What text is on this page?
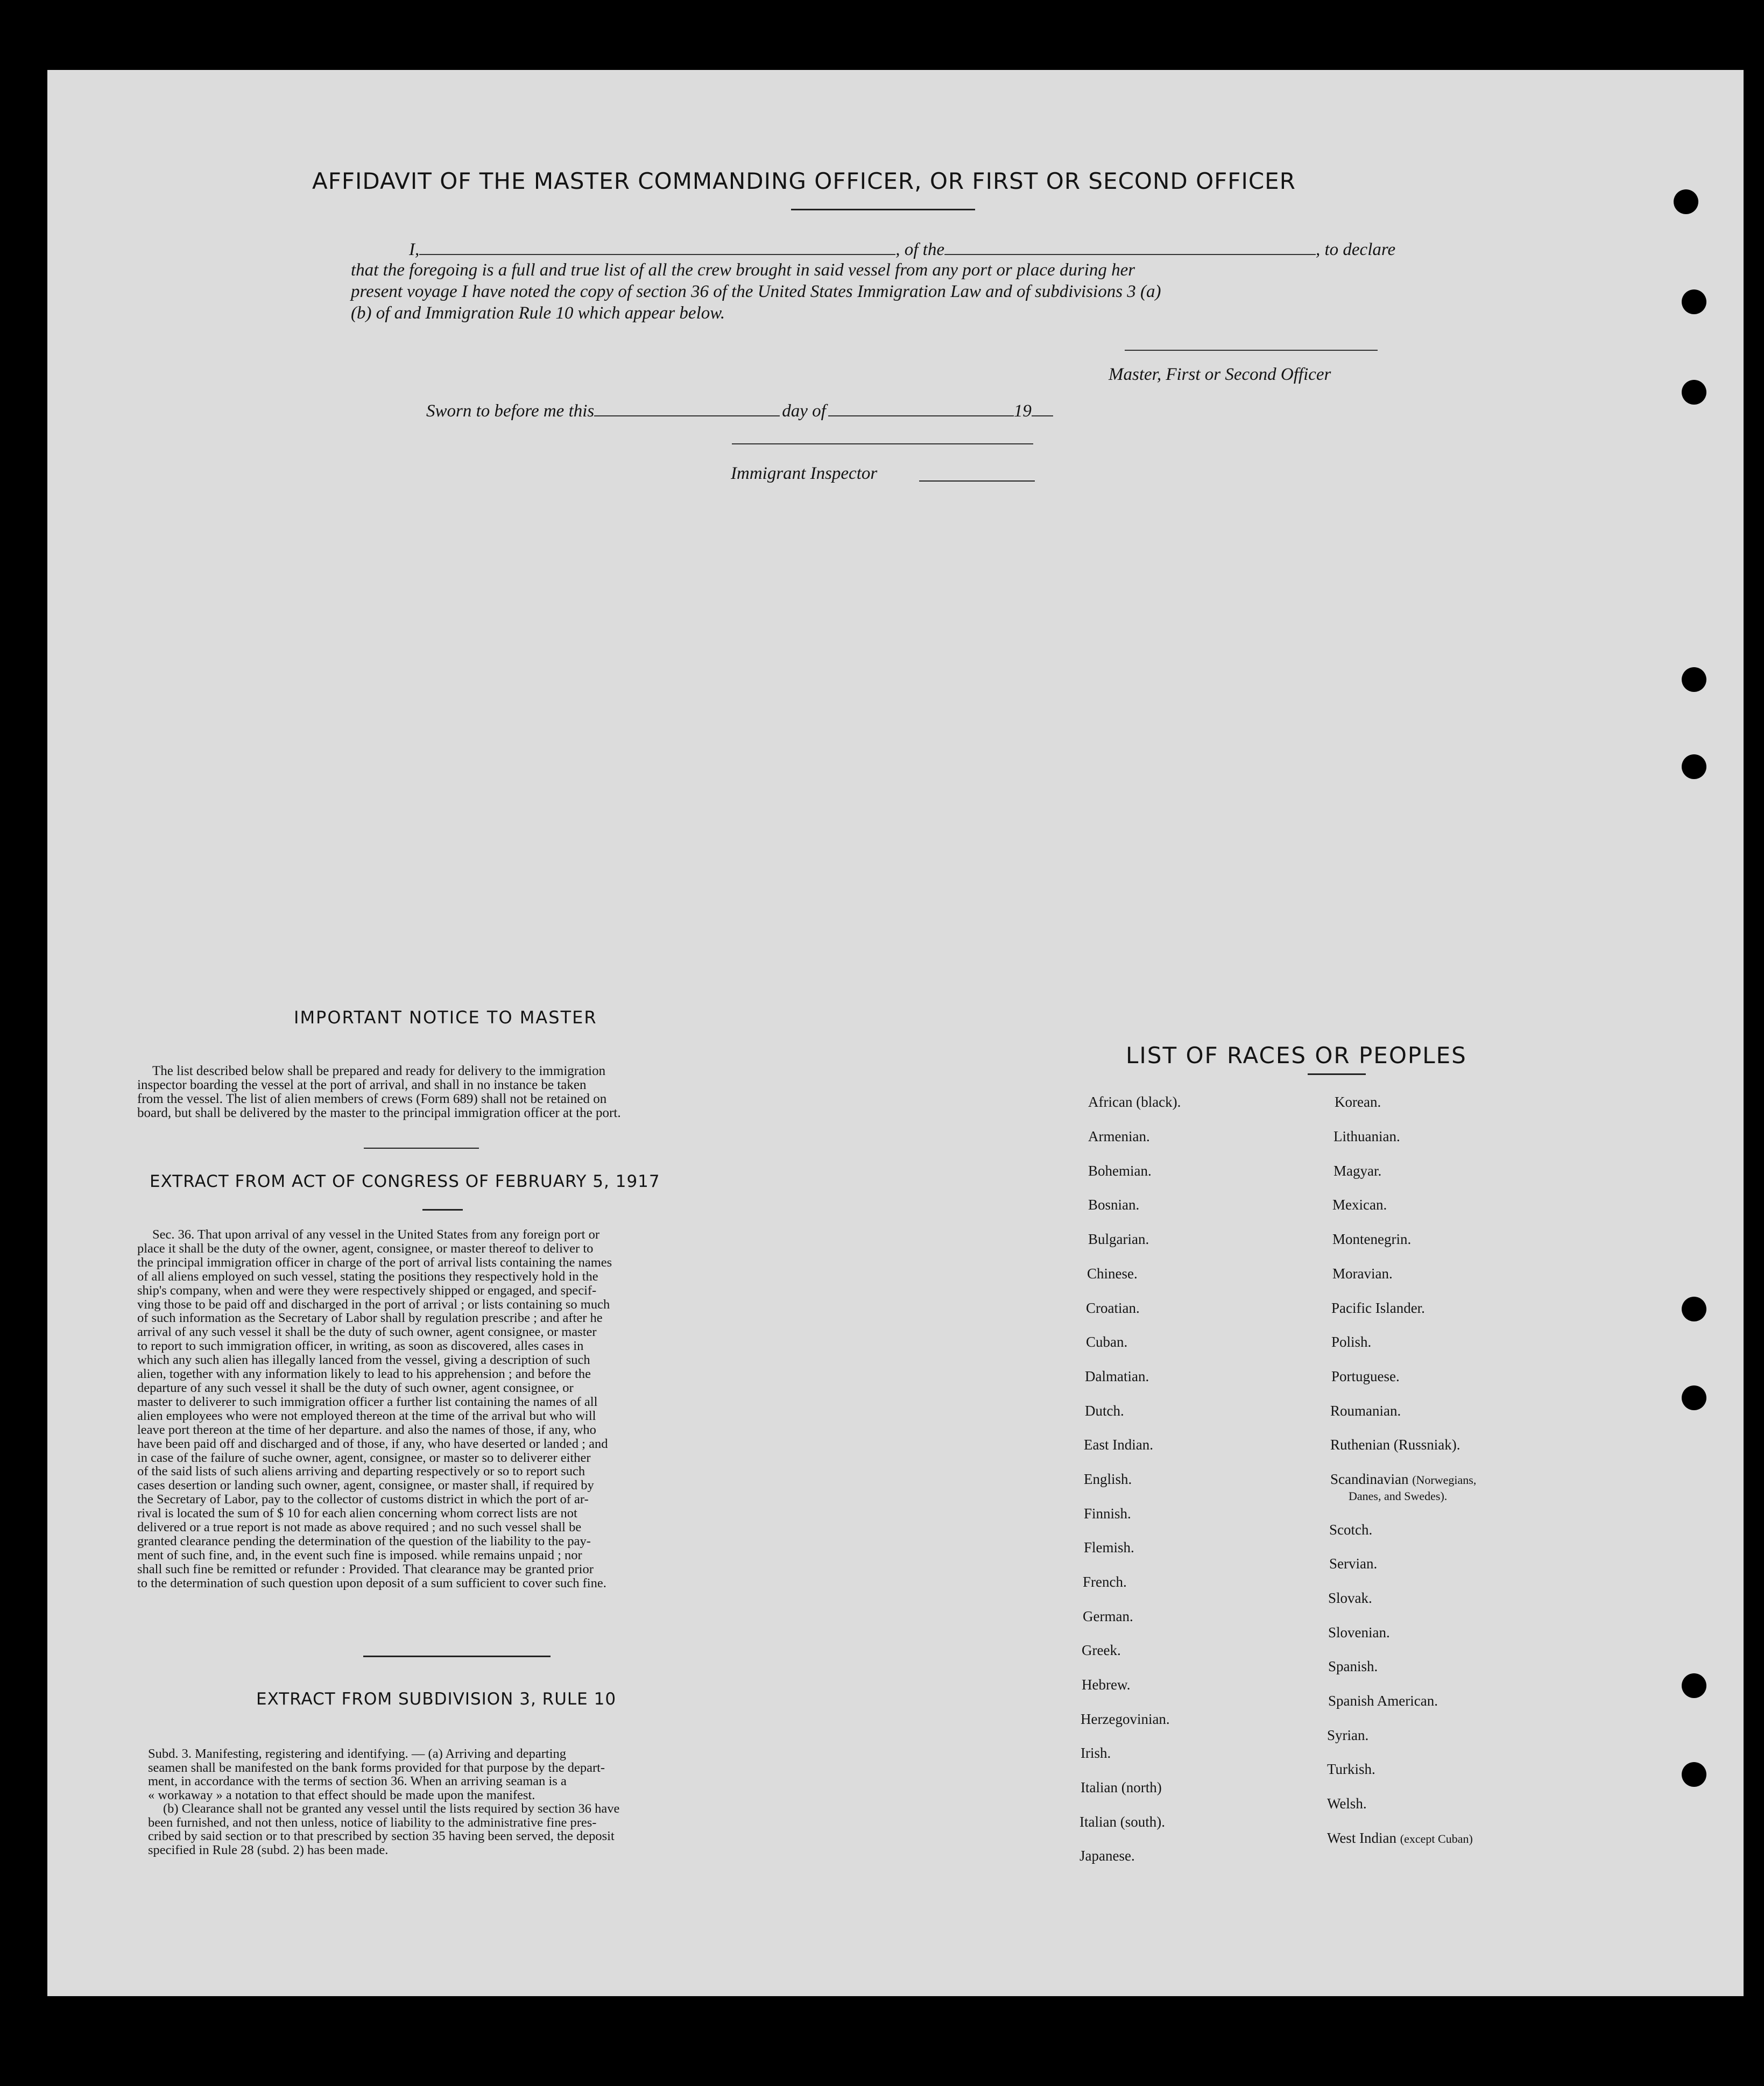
AFFIDAVIT OF THE MASTER COMMANDING OFFICER, OR FIRST OR SECOND OFFICER
I,	, of the	, to declare
that the foregoing is a full and true list of all the crew brought in said vessel from any port or place during her
present voyage I have noted the copy of section 36 of the United States Immigration Law and of subdivisions 3 (a)
(b) of and Immigration Rule 10 which appear below.
Master, First or Second Officer
Sworn to before me this	day of	19
Immigrant Inspector
IMPORTANT NOTICE TO MASTER
The list described below shall be prepared and ready for delivery to the immigration
inspector boarding the vessel at the port of arrival, and shall in no instance be taken
from the vessel. The list of alien members of crews (Form 689) shall not be retained on
board, but shall be delivered by the master to the principal immigration officer at the port.
EXTRACT FROM ACT OF CONGRESS OF FEBRUARY 5, 1917
Sec. 36. That upon arrival of any vessel in the United States from any foreign port or
place it shall be the duty of the owner, agent, consignee, or master thereof to deliver to
the principal immigration officer in charge of the port of arrival lists containing the names
of all aliens employed on such vessel, stating the positions they respectively hold in the
ship's company, when and were they were respectively shipped or engaged, and specif-
ving those to be paid off and discharged in the port of arrival ; or lists containing so much
of such information as the Secretary of Labor shall by regulation prescribe ; and after he
arrival of any such vessel it shall be the duty of such owner, agent consignee, or master
to report to such immigration officer, in writing, as soon as discovered, alles cases in
which any such alien has illegally lanced from the vessel, giving a description of such
alien, together with any information likely to lead to his apprehension ; and before the
departure of any such vessel it shall be the duty of such owner, agent consignee, or
master to deliverer to such immigration officer a further list containing the names of all
alien employees who were not employed thereon at the time of the arrival but who will
leave port thereon at the time of her departure. and also the names of those, if any, who
have been paid off and discharged and of those, if any, who have deserted or landed ; and
in case of the failure of suche owner, agent, consignee, or master so to deliverer either
of the said lists of such aliens arriving and departing respectively or so to report such
cases desertion or landing such owner, agent, consignee, or master shall, if required by
the Secretary of Labor, pay to the collector of customs district in which the port of ar-
rival is located the sum of $ 10 for each alien concerning whom correct lists are not
delivered or a true report is not made as above required ; and no such vessel shall be
granted clearance pending the determination of the question of the liability to the pay-
ment of such fine, and, in the event such fine is imposed. while remains unpaid ; nor
shall such fine be remitted or refunder : Provided. That clearance may be granted prior
to the determination of such question upon deposit of a sum sufficient to cover such fine.
EXTRACT FROM SUBDIVISION 3, RULE 10
Subd. 3. Manifesting, registering and identifying. — (a) Arriving and departing
seamen shall be manifested on the bank forms provided for that purpose by the depart-
ment, in accordance with the terms of section 36. When an arriving seaman is a
« workaway » a notation to that effect should be made upon the manifest.
(b) Clearance shall not be granted any vessel until the lists required by section 36 have
been furnished, and not then unless, notice of liability to the administrative fine pres-
cribed by said section or to that prescribed by section 35 having been served, the deposit
specified in Rule 28 (subd. 2) has been made.
LIST OF RACES OR PEOPLES
African (black).
Armenian.
Bohemian.
Bosnian.
Bulgarian.
Chinese.
Croatian.
Cuban.
Dalmatian.
Dutch.
East Indian.
English.
Finnish.
Flemish.
French.
German.
Greek.
Hebrew.
Herzegovinian.
Irish.
Italian (north)
Italian (south).
Japanese.
Korean.
Lithuanian.
Magyar.
Mexican.
Montenegrin.
Moravian.
Pacific Islander.
Polish.
Portuguese.
Roumanian.
Ruthenian (Russniak).
Scandinavian (Norwegians,
Danes, and Swedes).
Scotch.
Servian.
Slovak.
Slovenian.
Spanish.
Spanish American.
Syrian.
Turkish.
Welsh.
West Indian (except Cuban)
